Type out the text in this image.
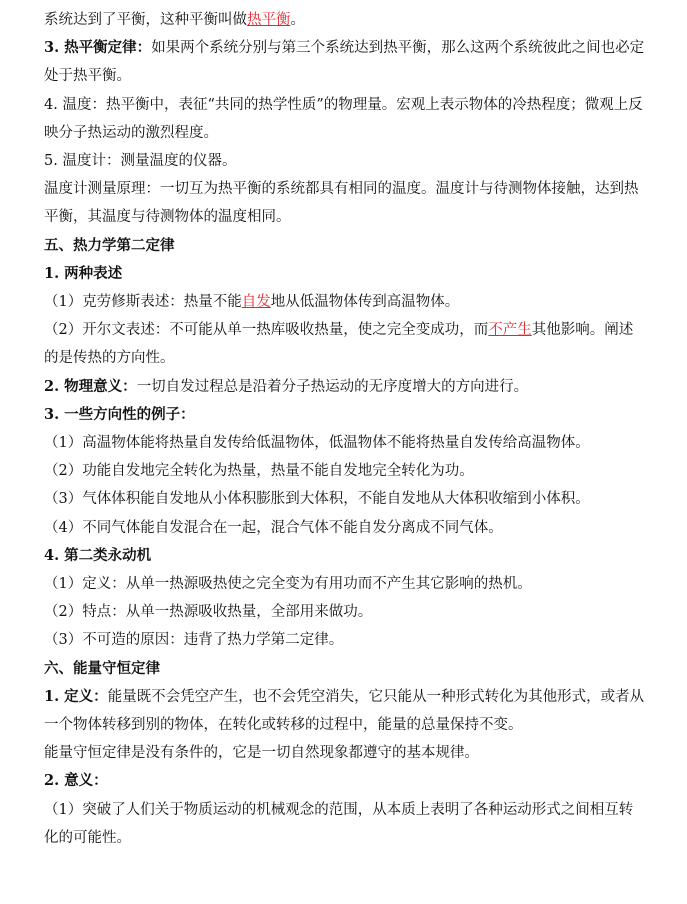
系统达到了平衡，这种平衡叫做热平衡。

3. 热平衡定律：如果两个系统分别与第三个系统达到热平衡，那么这两个系统彼此之间也必定处于热平衡。

4. 温度：热平衡中，表征“共同的热学性质”的物理量。宏观上表示物体的冷热程度；微观上反映分子热运动的激烈程度。

5. 温度计：测量温度的仪器。

温度计测量原理：一切互为热平衡的系统都具有相同的温度。温度计与待测物体接触，达到热平衡，其温度与待测物体的温度相同。

五、热力学第二定律

1. 两种表述

（1）克劳修斯表述：热量不能自发地从低温物体传到高温物体。

（2）开尔文表述：不可能从单一热库吸收热量，使之完全变成功，而不产生其他影响。阐述的是传热的方向性。

2. 物理意义：一切自发过程总是沿着分子热运动的无序度增大的方向进行。

3. 一些方向性的例子：

（1）高温物体能将热量自发传给低温物体，低温物体不能将热量自发传给高温物体。

（2）功能自发地完全转化为热量，热量不能自发地完全转化为功。

（3）气体体积能自发地从小体积膨胀到大体积，不能自发地从大体积收缩到小体积。

（4）不同气体能自发混合在一起，混合气体不能自发分离成不同气体。

4. 第二类永动机

（1）定义：从单一热源吸热使之完全变为有用功而不产生其它影响的热机。

（2）特点：从单一热源吸收热量，全部用来做功。

（3）不可造的原因：违背了热力学第二定律。

六、能量守恒定律

1. 定义：能量既不会凭空产生，也不会凭空消失，它只能从一种形式转化为其他形式，或者从一个物体转移到别的物体，在转化或转移的过程中，能量的总量保持不变。

能量守恒定律是没有条件的，它是一切自然现象都遵守的基本规律。

2. 意义：

（1）突破了人们关于物质运动的机械观念的范围，从本质上表明了各种运动形式之间相互转化的可能性。
